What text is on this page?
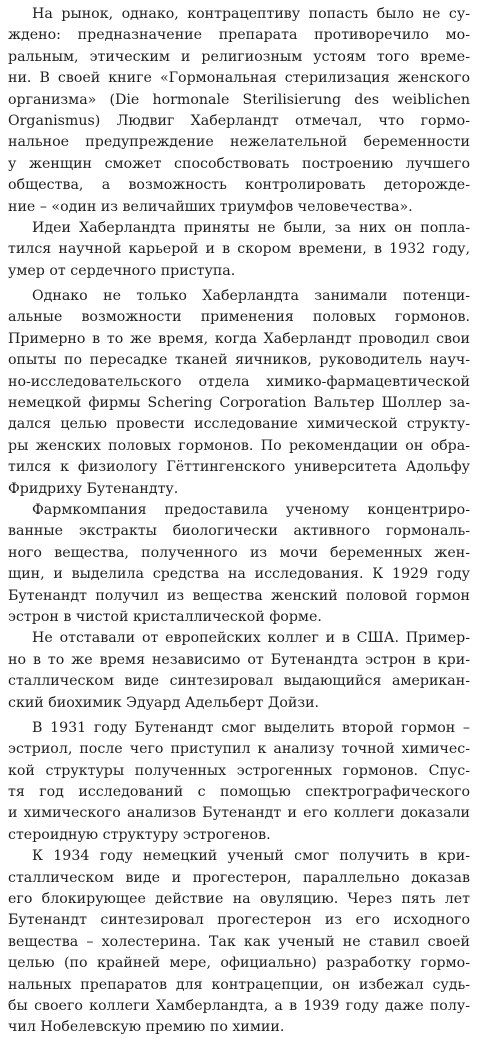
На рынок, однако, контрацептиву попасть было не су-
ждено: предназначение препарата противоречило мо-
ральным, этическим и религиозным устоям того време-
ни. В своей книге «Гормональная стерилизация женского
организма» (Die hormonale Sterilisierung des weiblichen
Organismus) Людвиг Хаберландт отмечал, что гормо-
нальное предупреждение нежелательной беременности
у женщин сможет способствовать построению лучшего
общества, а возможность контролировать деторожде-
ние – «один из величайших триумфов человечества».
Идеи Хаберландта приняты не были, за них он попла-
тился научной карьерой и в скором времени, в 1932 году,
умер от сердечного приступа.
Однако не только Хаберландта занимали потенци-
альные возможности применения половых гормонов.
Примерно в то же время, когда Хаберландт проводил свои
опыты по пересадке тканей яичников, руководитель науч-
но-исследовательского отдела химико-фармацевтической
немецкой фирмы Schering Corporation Вальтер Шоллер за-
дался целью провести исследование химической структу-
ры женских половых гормонов. По рекомендации он обра-
тился к физиологу Гёттингенского университета Адольфу
Фридриху Бутенандту.
Фармкомпания предоставила ученому концентриро-
ванные экстракты биологически активного гормональ-
ного вещества, полученного из мочи беременных жен-
щин, и выделила средства на исследования. К 1929 году
Бутенандт получил из вещества женский половой гормон
эстрон в чистой кристаллической форме.
Не отставали от европейских коллег и в США. Пример-
но в то же время независимо от Бутенандта эстрон в кри-
сталлическом виде синтезировал выдающийся американ-
ский биохимик Эдуард Адельберт Дойзи.
В 1931 году Бутенандт смог выделить второй гормон –
эстриол, после чего приступил к анализу точной химичес-
кой структуры полученных эстрогенных гормонов. Спус-
тя год исследований с помощью спектрографического
и химического анализов Бутенандт и его коллеги доказали
стероидную структуру эстрогенов.
К 1934 году немецкий ученый смог получить в кри-
сталлическом виде и прогестерон, параллельно доказав
его блокирующее действие на овуляцию. Через пять лет
Бутенандт синтезировал прогестерон из его исходного
вещества – холестерина. Так как ученый не ставил своей
целью (по крайней мере, официально) разработку гормо-
нальных препаратов для контрацепции, он избежал судь-
бы своего коллеги Хамберландта, а в 1939 году даже полу-
чил Нобелевскую премию по химии.
